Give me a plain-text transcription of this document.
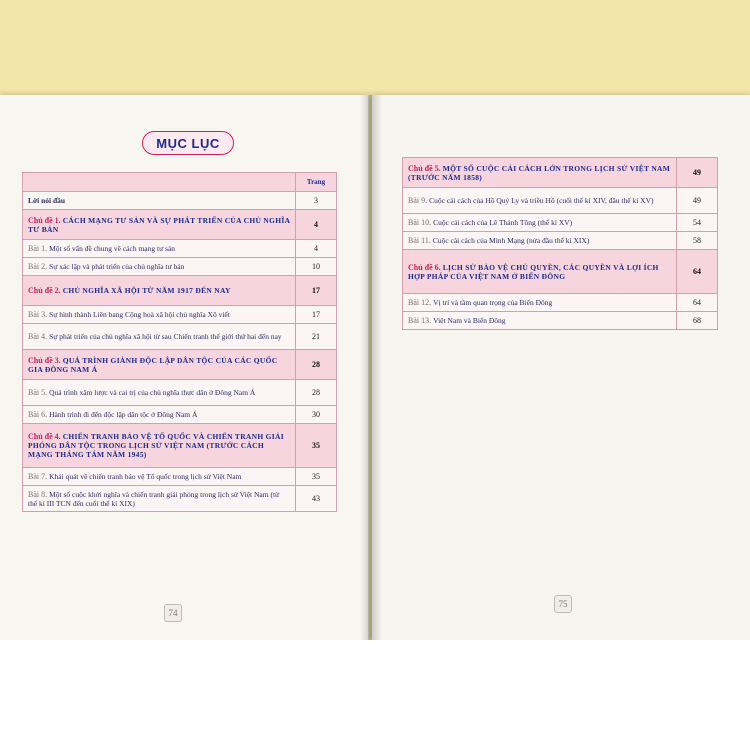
MỤC LỤC
	Trang
Lời nói đầu	3
Chủ đề 1. CÁCH MẠNG TƯ SẢN VÀ SỰ PHÁT TRIỂN CỦA CHỦ NGHĨA TƯ BẢN	4
Bài 1. Một số vấn đề chung về cách mạng tư sản	4
Bài 2. Sự xác lập và phát triển của chủ nghĩa tư bản	10
Chủ đề 2. CHỦ NGHĨA XÃ HỘI TỪ NĂM 1917 ĐẾN NAY	17
Bài 3. Sự hình thành Liên bang Cộng hoà xã hội chủ nghĩa Xô viết	17
Bài 4. Sự phát triển của chủ nghĩa xã hội từ sau Chiến tranh thế giới thứ hai đến nay	21
Chủ đề 3. QUÁ TRÌNH GIÀNH ĐỘC LẬP DÂN TỘC CỦA CÁC QUỐC GIA ĐÔNG NAM Á	28
Bài 5. Quá trình xâm lược và cai trị của chủ nghĩa thực dân ở Đông Nam Á	28
Bài 6. Hành trình đi đến độc lập dân tộc ở Đông Nam Á	30
Chủ đề 4. CHIẾN TRANH BẢO VỆ TỔ QUỐC VÀ CHIẾN TRANH GIẢI PHÓNG DÂN TỘC TRONG LỊCH SỬ VIỆT NAM (TRƯỚC CÁCH MẠNG THÁNG TÁM NĂM 1945)	35
Bài 7. Khái quát về chiến tranh bảo vệ Tổ quốc trong lịch sử Việt Nam	35
Bài 8. Một số cuộc khởi nghĩa và chiến tranh giải phóng trong lịch sử Việt Nam (từ thế kỉ III TCN đến cuối thế kỉ XIX)	43
74
Chủ đề 5. MỘT SỐ CUỘC CẢI CÁCH LỚN TRONG LỊCH SỬ VIỆT NAM (TRƯỚC NĂM 1858)	49
Bài 9. Cuộc cải cách của Hồ Quý Ly và triều Hồ (cuối thế kỉ XIV, đầu thế kỉ XV)	49
Bài 10. Cuộc cải cách của Lê Thánh Tông (thế kỉ XV)	54
Bài 11. Cuộc cải cách của Minh Mạng (nửa đầu thế kỉ XIX)	58
Chủ đề 6. LỊCH SỬ BẢO VỆ CHỦ QUYỀN, CÁC QUYỀN VÀ LỢI ÍCH HỢP PHÁP CỦA VIỆT NAM Ở BIỂN ĐÔNG	64
Bài 12. Vị trí và tầm quan trọng của Biển Đông	64
Bài 13. Việt Nam và Biển Đông	68
75
